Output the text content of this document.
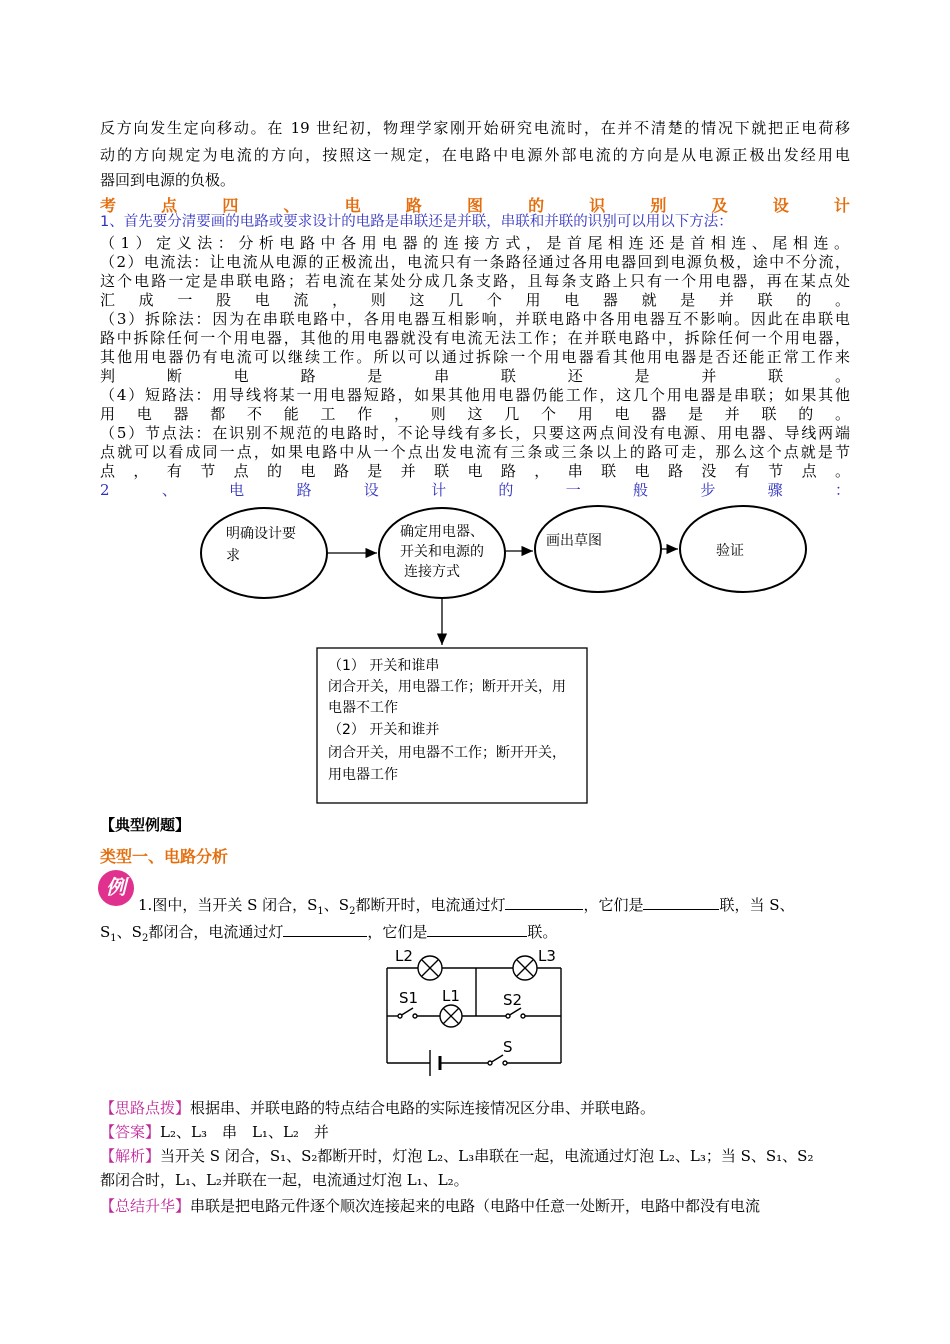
反方向发生定向移动。在 19 世纪初，物理学家刚开始研究电流时，在并不清楚的情况下就把正电荷移
动的方向规定为电流的方向，按照这一规定，在电路中电源外部电流的方向是从电源正极出发经用电
器回到电源的负极。
考	点	四	、	电	路	图	的	识	别	及	设	计
1、首先要分清要画的电路或要求设计的电路是串联还是并联，串联和并联的识别可以用以下方法：
（1）定义法：分析电路中各用电器的连接方式，是首尾相连还是首相连、尾相连。
（2）电流法：让电流从电源的正极流出，电流只有一条路径通过各用电器回到电源负极，途中不分流，
这个电路一定是串联电路；若电流在某处分成几条支路，且每条支路上只有一个用电器，再在某点处
汇成一股电流，则这几个用电器就是并联的。
（3）拆除法：因为在串联电路中，各用电器互相影响，并联电路中各用电器互不影响。因此在串联电
路中拆除任何一个用电器，其他的用电器就没有电流无法工作；在并联电路中，拆除任何一个用电器，
其他用电器仍有电流可以继续工作。所以可以通过拆除一个用电器看其他用电器是否还能正常工作来
判断电路是串联还是并联。
（4）短路法：用导线将某一用电器短路，如果其他用电器仍能工作，这几个用电器是串联；如果其他
用电器都不能工作，则这几个用电器是并联的。
（5）节点法：在识别不规范的电路时，不论导线有多长，只要这两点间没有电源、用电器、导线两端
点就可以看成同一点，如果电路中从一个点出发电流有三条或三条以上的路可走，那么这个点就是节
点，有节点的电路是并联电路，串联电路没有节点。
2、电路设计的一般步骤：
明确设计要
求
确定用电器、
开关和电源的
连接方式
画出草图
验证
（1） 开关和谁串
闭合开关，用电器工作；断开开关，用
电器不工作
（2） 开关和谁并
闭合开关，用电器不工作；断开开关，
用电器工作
【典型例题】
类型一、电路分析
例
1.图中，当开关 S 闭合，$S_1$、$S_2$都断开时，电流通过灯	，它们是	联，当 S、
$S_1$、$S_2$都闭合，电流通过灯	，它们是	联。
L2	L3
L1
S1	S2
S
【思路点拨】根据串、并联电路的特点结合电路的实际连接情况区分串、并联电路。
【答案】L₂、L₃　串　L₁、L₂　并
【解析】当开关 S 闭合，S₁、S₂都断开时，灯泡 L₂、L₃串联在一起，电流通过灯泡 L₂、L₃；当 S、S₁、S₂
都闭合时，L₁、L₂并联在一起，电流通过灯泡 L₁、L₂。
【总结升华】串联是把电路元件逐个顺次连接起来的电路（电路中任意一处断开，电路中都没有电流
